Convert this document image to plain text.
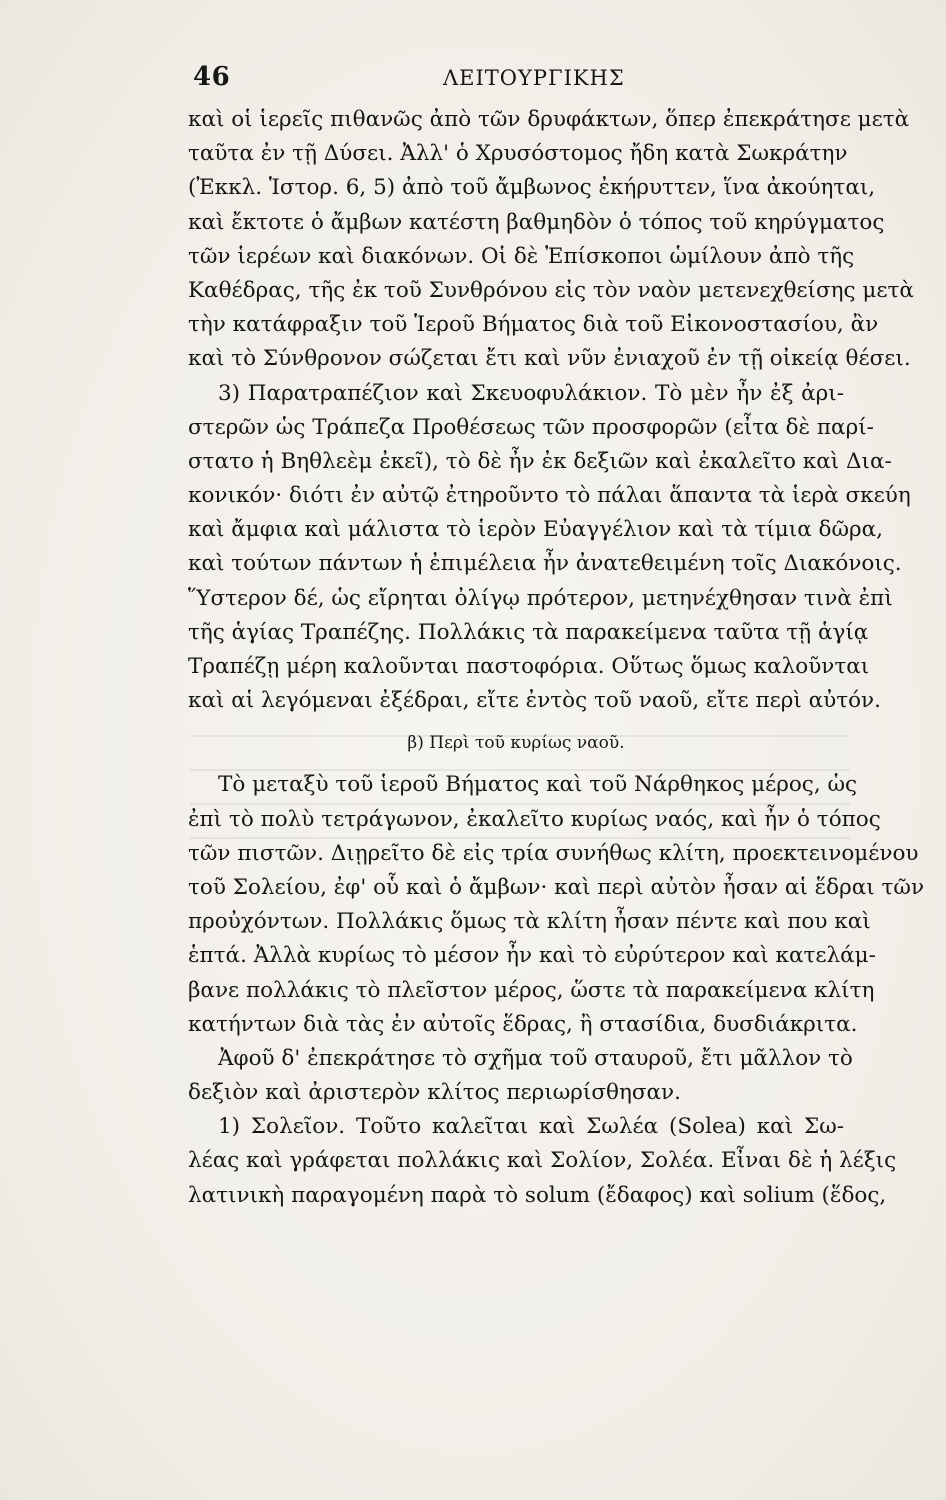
46	ΛΕΙΤΟΥΡΓΙΚΗΣ
καὶ οἱ ἱερεῖς πιθανῶς ἀπὸ τῶν δρυφάκτων, ὅπερ ἐπεκράτησε μετὰ
ταῦτα ἐν τῇ Δύσει. Ἀλλ' ὁ Χρυσόστομος ἤδη κατὰ Σωκράτην
(Ἐκκλ. Ἱστορ. 6, 5) ἀπὸ τοῦ ἄμβωνος ἐκήρυττεν, ἵνα ἀκούηται,
καὶ ἔκτοτε ὁ ἄμβων κατέστη βαθμηδὸν ὁ τόπος τοῦ κηρύγματος
τῶν ἱερέων καὶ διακόνων. Οἱ δὲ Ἐπίσκοποι ὡμίλουν ἀπὸ τῆς
Καθέδρας, τῆς ἐκ τοῦ Συνθρόνου εἰς τὸν ναὸν μετενεχθείσης μετὰ
τὴν κατάφραξιν τοῦ Ἱεροῦ Βήματος διὰ τοῦ Εἰκονοστασίου, ἂν
καὶ τὸ Σύνθρονον σώζεται ἔτι καὶ νῦν ἐνιαχοῦ ἐν τῇ οἰκείᾳ θέσει.
3) Παρατραπέζιον καὶ Σκευοφυλάκιον. Τὸ μὲν ἦν ἐξ ἀρι-
στερῶν ὡς Τράπεζα Προθέσεως τῶν προσφορῶν (εἶτα δὲ παρί-
στατο ἡ Βηθλεὲμ ἐκεῖ), τὸ δὲ ἦν ἐκ δεξιῶν καὶ ἐκαλεῖτο καὶ Δια-
κονικόν· διότι ἐν αὐτῷ ἐτηροῦντο τὸ πάλαι ἅπαντα τὰ ἱερὰ σκεύη
καὶ ἄμφια καὶ μάλιστα τὸ ἱερὸν Εὐαγγέλιον καὶ τὰ τίμια δῶρα,
καὶ τούτων πάντων ἡ ἐπιμέλεια ἦν ἀνατεθειμένη τοῖς Διακόνοις.
Ὕστερον δέ, ὡς εἴρηται ὀλίγῳ πρότερον, μετηνέχθησαν τινὰ ἐπὶ
τῆς ἁγίας Τραπέζης. Πολλάκις τὰ παρακείμενα ταῦτα τῇ ἁγίᾳ
Τραπέζῃ μέρη καλοῦνται παστοφόρια. Οὕτως ὅμως καλοῦνται
καὶ αἱ λεγόμεναι ἐξέδραι, εἴτε ἐντὸς τοῦ ναοῦ, εἴτε περὶ αὐτόν.
β) Περὶ τοῦ κυρίως ναοῦ.
Τὸ μεταξὺ τοῦ ἱεροῦ Βήματος καὶ τοῦ Νάρθηκος μέρος, ὡς
ἐπὶ τὸ πολὺ τετράγωνον, ἐκαλεῖτο κυρίως ναός, καὶ ἦν ὁ τόπος
τῶν πιστῶν. Διῃρεῖτο δὲ εἰς τρία συνήθως κλίτη, προεκτεινομένου
τοῦ Σολείου, ἐφ' οὗ καὶ ὁ ἄμβων· καὶ περὶ αὐτὸν ἦσαν αἱ ἕδραι τῶν
προὐχόντων. Πολλάκις ὅμως τὰ κλίτη ἦσαν πέντε καὶ που καὶ
ἑπτά. Ἀλλὰ κυρίως τὸ μέσον ἦν καὶ τὸ εὐρύτερον καὶ κατελάμ-
βανε πολλάκις τὸ πλεῖστον μέρος, ὥστε τὰ παρακείμενα κλίτη
κατήντων διὰ τὰς ἐν αὐτοῖς ἕδρας, ἢ στασίδια, δυσδιάκριτα.
Ἀφοῦ δ' ἐπεκράτησε τὸ σχῆμα τοῦ σταυροῦ, ἔτι μᾶλλον τὸ
δεξιὸν καὶ ἀριστερὸν κλίτος περιωρίσθησαν.
1) Σολεῖον. Τοῦτο καλεῖται καὶ Σωλέα (Solea) καὶ Σω-
λέας καὶ γράφεται πολλάκις καὶ Σολίον, Σολέα. Εἶναι δὲ ἡ λέξις
λατινικὴ παραγομένη παρὰ τὸ solum (ἔδαφος) καὶ solium (ἕδος,
